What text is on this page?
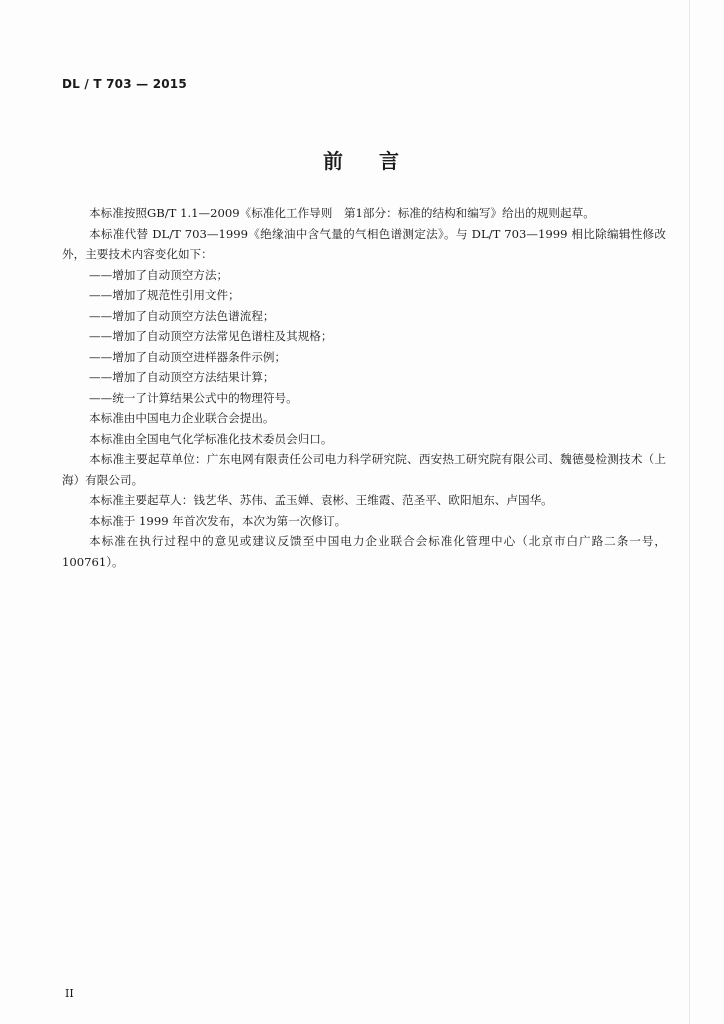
DL / T 703 — 2015
前 言

本标准按照GB/T 1.1—2009《标准化工作导则　第1部分：标准的结构和编写》给出的规则起草。

本标准代替 DL/T 703—1999《绝缘油中含气量的气相色谱测定法》。与 DL/T 703—1999 相比除编辑性修改外，主要技术内容变化如下：

——增加了自动顶空方法；

——增加了规范性引用文件；

——增加了自动顶空方法色谱流程；

——增加了自动顶空方法常见色谱柱及其规格；

——增加了自动顶空进样器条件示例；

——增加了自动顶空方法结果计算；

——统一了计算结果公式中的物理符号。

本标准由中国电力企业联合会提出。

本标准由全国电气化学标准化技术委员会归口。

本标准主要起草单位：广东电网有限责任公司电力科学研究院、西安热工研究院有限公司、魏德曼检测技术（上海）有限公司。

本标准主要起草人：钱艺华、苏伟、孟玉婵、袁彬、王维霞、范圣平、欧阳旭东、卢国华。

本标准于 1999 年首次发布，本次为第一次修订。

本标准在执行过程中的意见或建议反馈至中国电力企业联合会标准化管理中心（北京市白广路二条一号，100761）。

II
